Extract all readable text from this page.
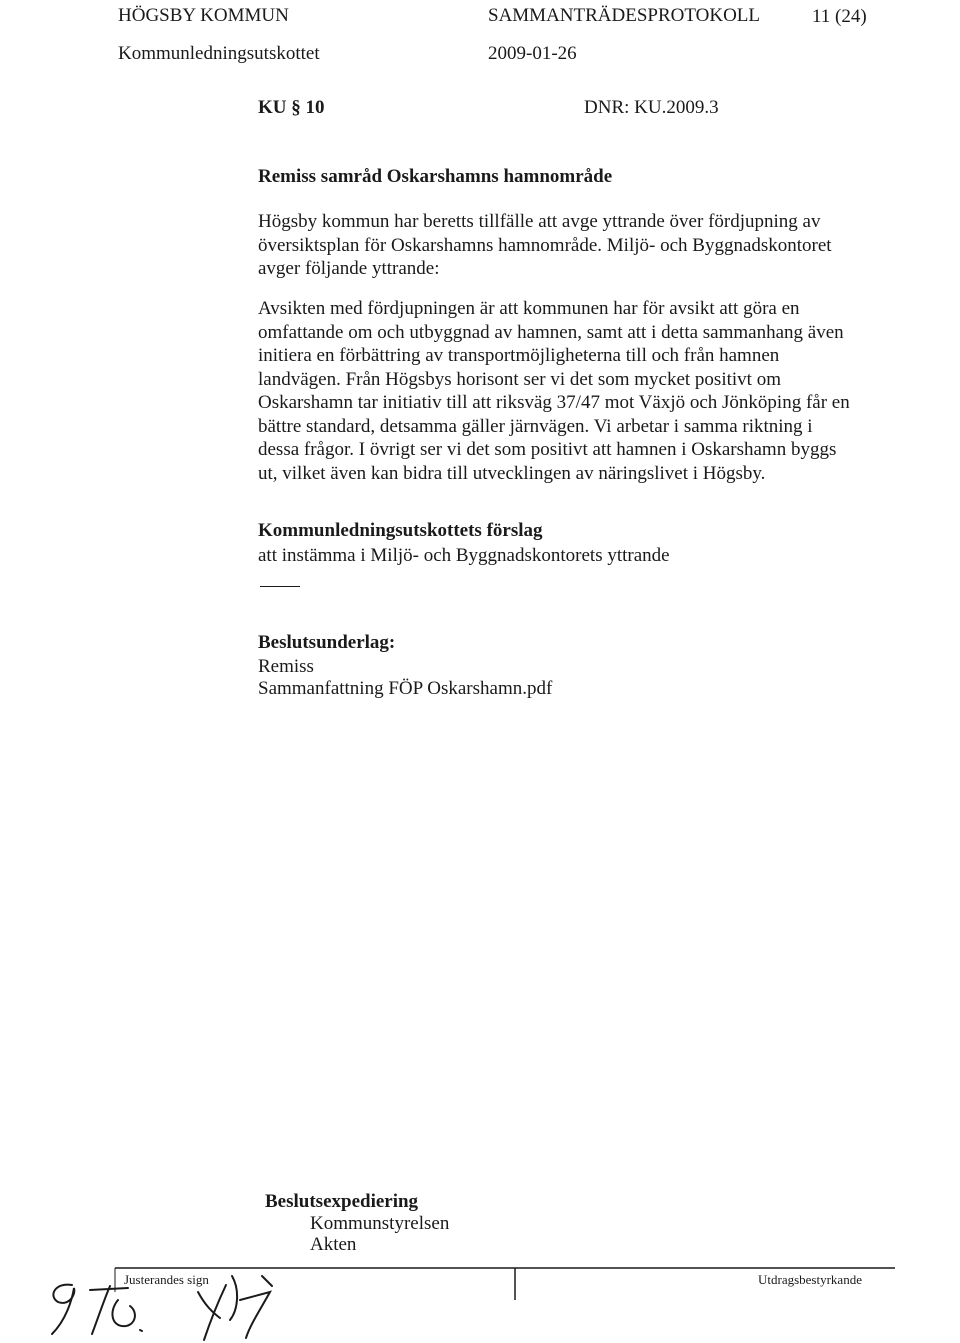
HÖGSBY KOMMUN	SAMMANTRÄDESPROTOKOLL	11 (24)
Kommunledningsutskottet	2009-01-26
KU § 10	DNR: KU.2009.3
Remiss samråd Oskarshamns hamnområde
Högsby kommun har beretts tillfälle att avge yttrande över fördjupning av
översiktsplan för Oskarshamns hamnområde. Miljö- och Byggnadskontoret
avger följande yttrande:
Avsikten med fördjupningen är att kommunen har för avsikt att göra en
omfattande om och utbyggnad av hamnen, samt att i detta sammanhang även
initiera en förbättring av transportmöjligheterna till och från hamnen
landvägen. Från Högsbys horisont ser vi det som mycket positivt om
Oskarshamn tar initiativ till att riksväg 37/47 mot Växjö och Jönköping får en
bättre standard, detsamma gäller järnvägen. Vi arbetar i samma riktning i
dessa frågor. I övrigt ser vi det som positivt att hamnen i Oskarshamn byggs
ut, vilket även kan bidra till utvecklingen av näringslivet i Högsby.
Kommunledningsutskottets förslag
att instämma i Miljö- och Byggnadskontorets yttrande
Beslutsunderlag:
Remiss
Sammanfattning FÖP Oskarshamn.pdf
Beslutsexpediering
Kommunstyrelsen
Akten
Justerandes sign	Utdragsbestyrkande
